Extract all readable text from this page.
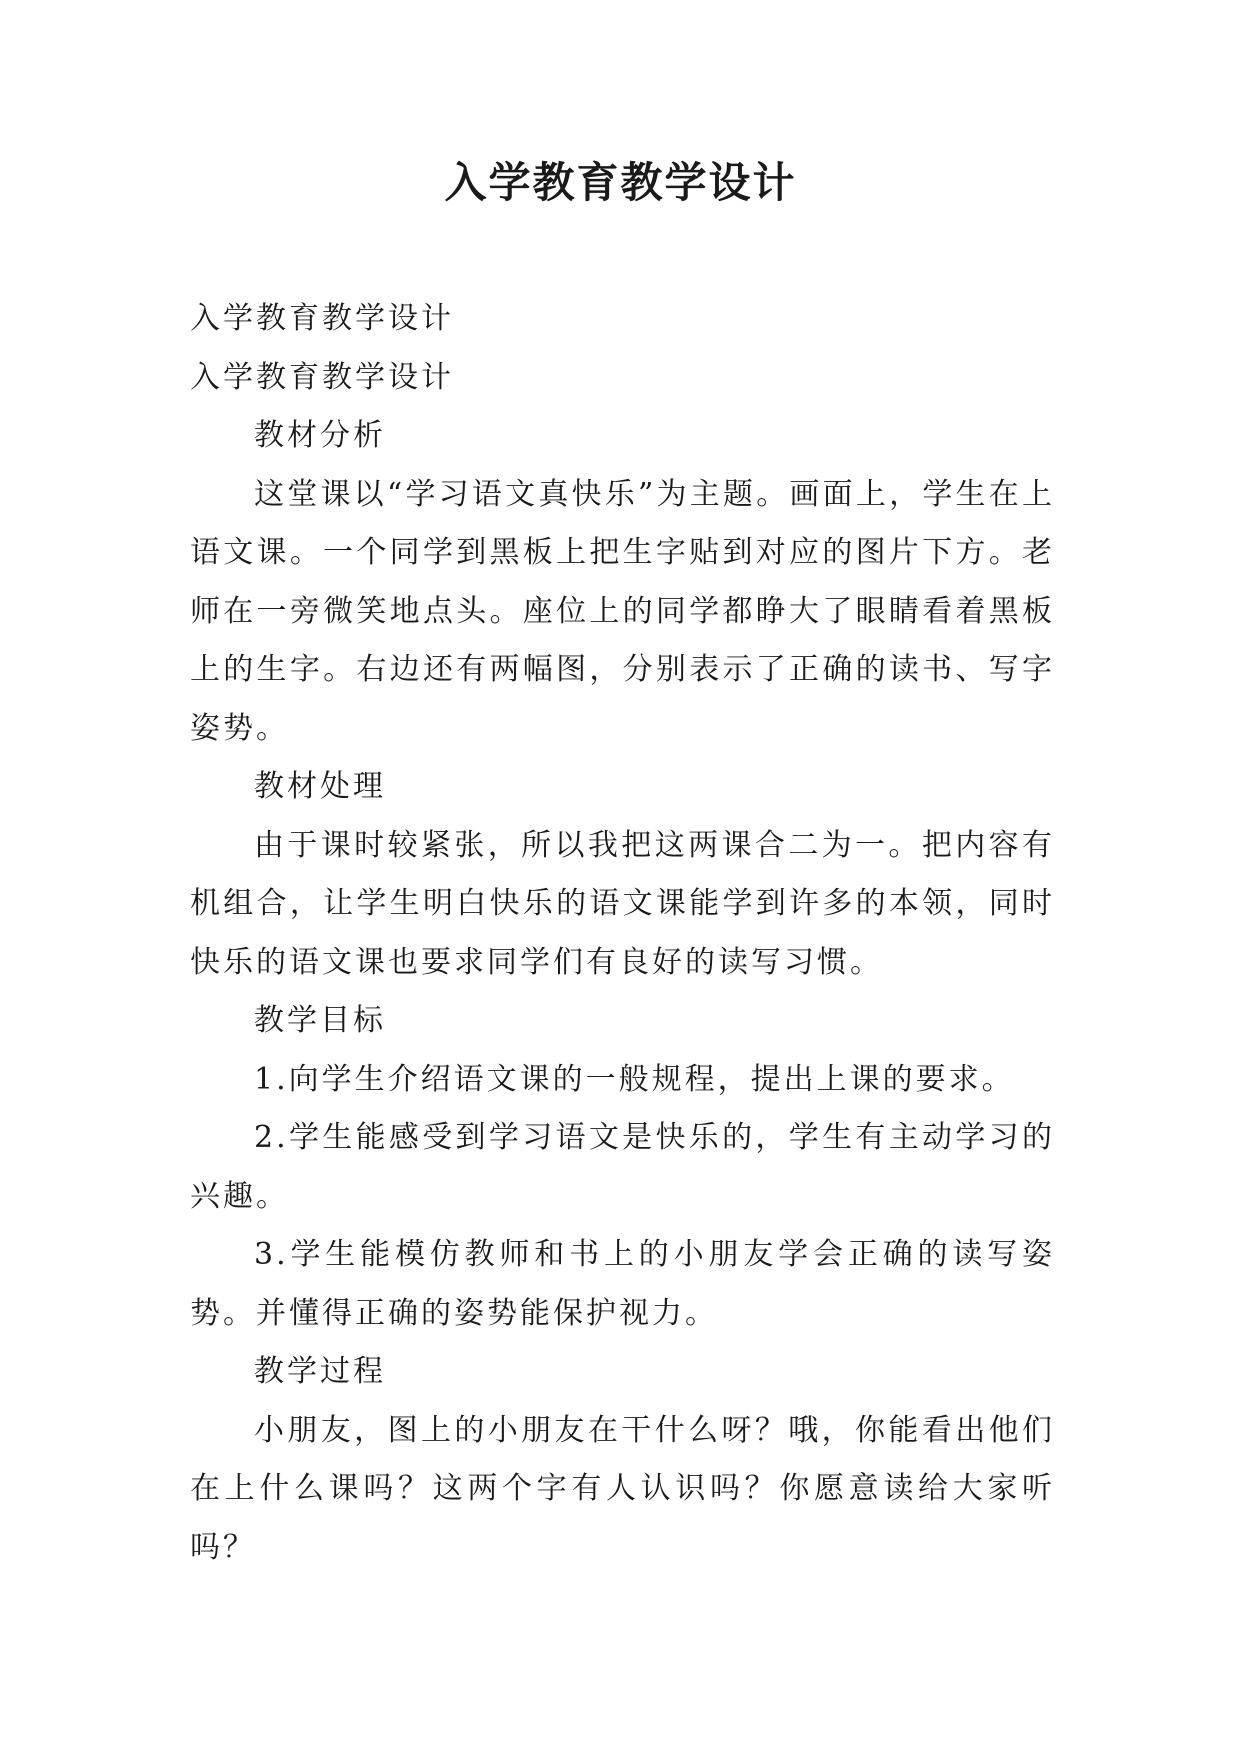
入学教育教学设计

入学教育教学设计

入学教育教学设计

教材分析

这堂课以“学习语文真快乐”为主题。画面上，学生在上语文课。一个同学到黑板上把生字贴到对应的图片下方。老师在一旁微笑地点头。座位上的同学都睁大了眼睛看着黑板上的生字。右边还有两幅图，分别表示了正确的读书、写字姿势。

教材处理

由于课时较紧张，所以我把这两课合二为一。把内容有机组合，让学生明白快乐的语文课能学到许多的本领，同时快乐的语文课也要求同学们有良好的读写习惯。

教学目标

1.向学生介绍语文课的一般规程，提出上课的要求。

2.学生能感受到学习语文是快乐的，学生有主动学习的兴趣。

3.学生能模仿教师和书上的小朋友学会正确的读写姿势。并懂得正确的姿势能保护视力。

教学过程

小朋友，图上的小朋友在干什么呀？哦，你能看出他们在上什么课吗？这两个字有人认识吗？你愿意读给大家听吗？
